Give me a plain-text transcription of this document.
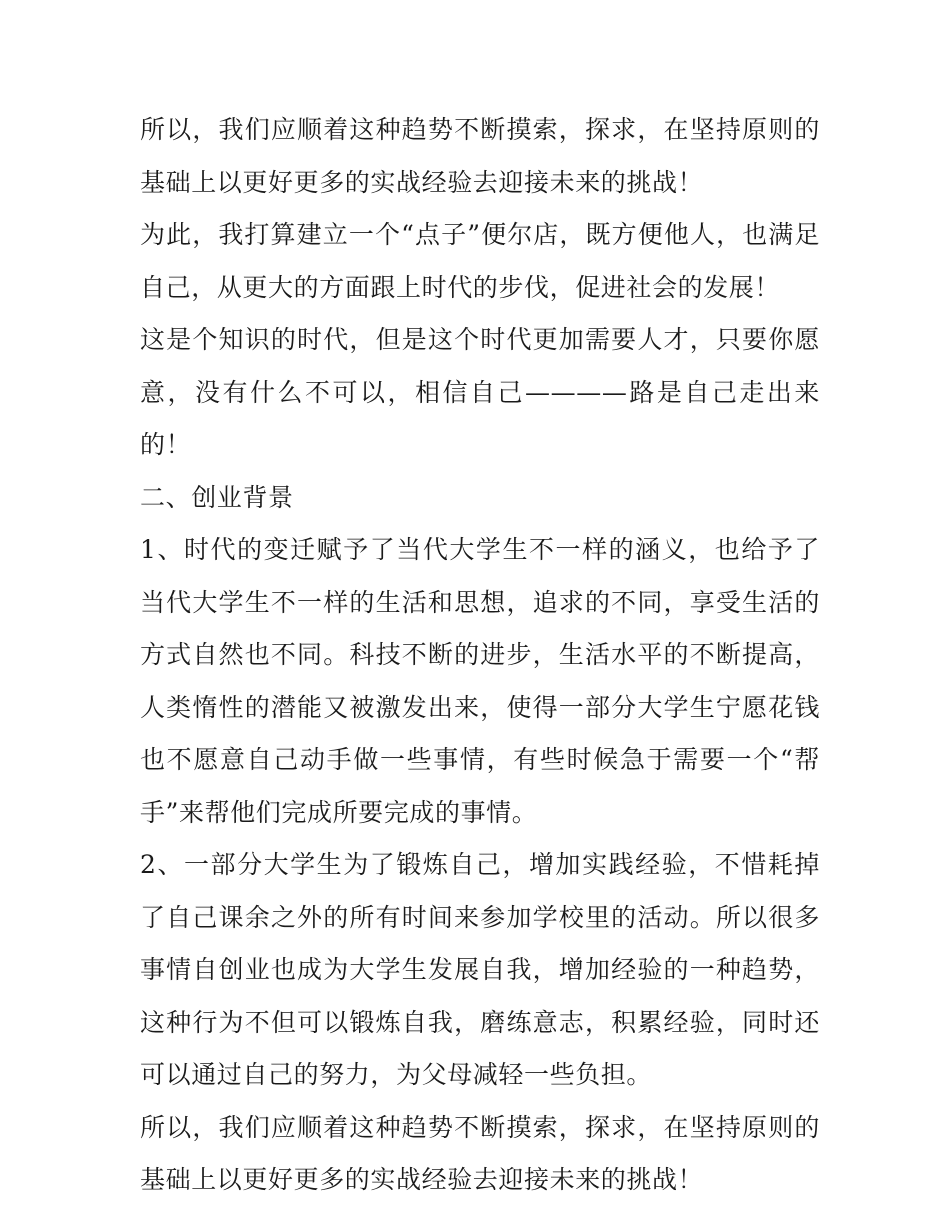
所以，我们应顺着这种趋势不断摸索，探求，在坚持原则的基础上以更好更多的实战经验去迎接未来的挑战！

为此，我打算建立一个“点子”便尔店，既方便他人，也满足自己，从更大的方面跟上时代的步伐，促进社会的发展！

这是个知识的时代，但是这个时代更加需要人才，只要你愿意，没有什么不可以，相信自己————路是自己走出来的！

二、创业背景

1、时代的变迁赋予了当代大学生不一样的涵义，也给予了当代大学生不一样的生活和思想，追求的不同，享受生活的方式自然也不同。科技不断的进步，生活水平的不断提高，人类惰性的潜能又被激发出来，使得一部分大学生宁愿花钱也不愿意自己动手做一些事情，有些时候急于需要一个“帮手”来帮他们完成所要完成的事情。

2、一部分大学生为了锻炼自己，增加实践经验，不惜耗掉了自己课余之外的所有时间来参加学校里的活动。所以很多事情自创业也成为大学生发展自我，增加经验的一种趋势，这种行为不但可以锻炼自我，磨练意志，积累经验，同时还可以通过自己的努力，为父母减轻一些负担。

所以，我们应顺着这种趋势不断摸索，探求，在坚持原则的基础上以更好更多的实战经验去迎接未来的挑战！
